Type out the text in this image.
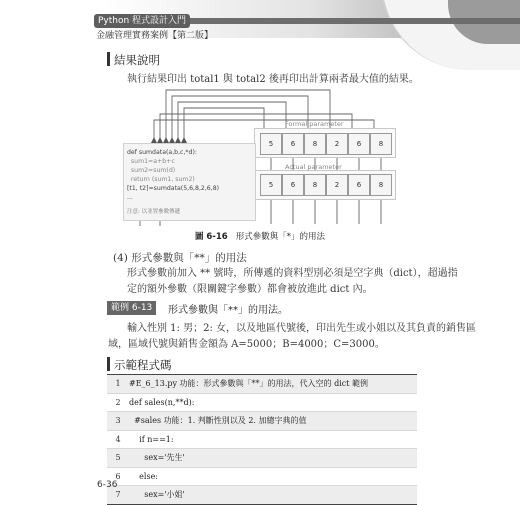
Python 程式設計入門
金融管理實務案例【第二版】
結果說明
執行結果印出 total1 與 total2 後再印出計算兩者最大值的結果。
Formal parameter
Actual parameter
5	6	8	2	6	8
5	6	8	2	6	8
def sumdata(a,b,c,*d):
sum1=a+b+c
sum2=sum(d)
return (sum1, sum2)
[t1, t2]=sumdata(5,6,8,2,6,8)
...
注意: 以並置參數傳遞
圖 6-16 形式參數與「*」的用法
(4) 形式參數與「**」的用法
形式參數前加入 ** 號時，所傳遞的資料型別必須是空字典（dict），超過指
定的額外參數（限關鍵字參數）都會被放進此 dict 內。
範例 6-13	形式參數與「**」的用法。
輸入性別 1: 男；2: 女，以及地區代號後，印出先生或小姐以及其負責的銷售區
域，區域代號與銷售金額為 A=5000；B=4000；C=3000。
示範程式碼
1	#E_6_13.py 功能：形式參數與「**」的用法，代入空的 dict 範例
2	def sales(n,**d):
3	#sales 功能：1. 判斷性別以及 2. 加總字典的值
4	if n==1:
5	sex='先生'
6	else:
7	sex='小姐'
6-36
